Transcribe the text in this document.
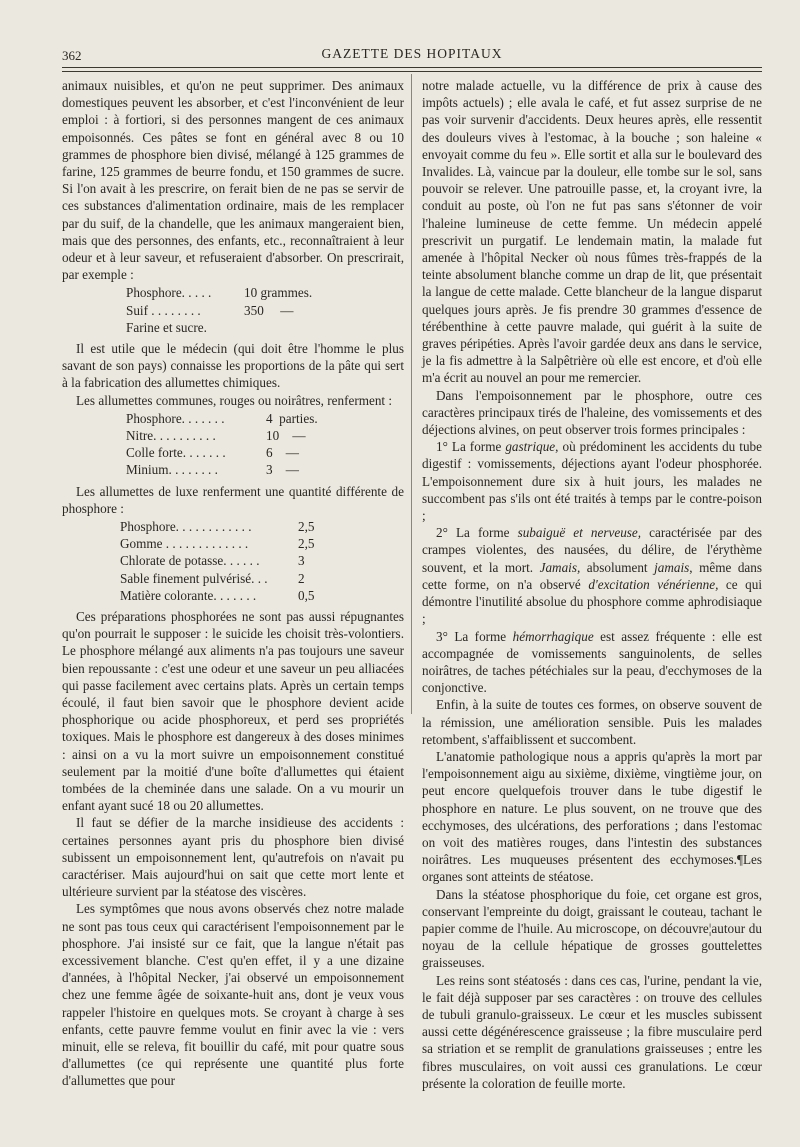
362	GAZETTE DES HOPITAUX

animaux nuisibles, et qu'on ne peut supprimer. Des animaux domestiques peuvent les absorber, et c'est l'inconvénient de leur emploi : à fortiori, si des personnes mangent de ces animaux empoisonnés. Ces pâtes se font en général avec 8 ou 10 grammes de phosphore bien divisé, mélangé à 125 grammes de farine, 125 grammes de beurre fondu, et 150 grammes de sucre. Si l'on avait à les prescrire, on ferait bien de ne pas se servir de ces substances d'alimentation ordinaire, mais de les remplacer par du suif, de la chandelle, que les animaux mangeraient bien, mais que des personnes, des enfants, etc., reconnaîtraient à leur odeur et à leur saveur, et refuseraient d'absorber. On prescrirait, par exemple :

Phosphore. . . . .	10 grammes.
Suif . . . . . . . .	350     —
Farine et sucre.

Il est utile que le médecin (qui doit être l'homme le plus savant de son pays) connaisse les proportions de la pâte qui sert à la fabrication des allumettes chimiques.

Les allumettes communes, rouges ou noirâtres, renferment :

Phosphore. . . . . . .	4  parties.
Nitre. . . . . . . . . .	10    —
Colle forte. . . . . . .	6    —
Minium. . . . . . . .	3    —

Les allumettes de luxe renferment une quantité différente de phosphore :

Phosphore. . . . . . . . . . . .	2,5
Gomme . . . . . . . . . . . . .	2,5
Chlorate de potasse. . . . . .	3
Sable finement pulvérisé. . .	2
Matière colorante. . . . . . .	0,5

Ces préparations phosphorées ne sont pas aussi répugnantes qu'on pourrait le supposer : le suicide les choisit très-volontiers. Le phosphore mélangé aux aliments n'a pas toujours une saveur bien repoussante : c'est une odeur et une saveur un peu alliacées qui passe facilement avec certains plats. Après un certain temps écoulé, il faut bien savoir que le phosphore devient acide phosphorique ou acide phosphoreux, et perd ses propriétés toxiques. Mais le phosphore est dangereux à des doses minimes : ainsi on a vu la mort suivre un empoisonnement constitué seulement par la moitié d'une boîte d'allumettes qui étaient tombées de la cheminée dans une salade. On a vu mourir un enfant ayant sucé 18 ou 20 allumettes.

Il faut se défier de la marche insidieuse des accidents : certaines personnes ayant pris du phosphore bien divisé subissent un empoisonnement lent, qu'autrefois on n'avait pu caractériser. Mais aujourd'hui on sait que cette mort lente et ultérieure survient par la stéatose des viscères.

Les symptômes que nous avons observés chez notre malade ne sont pas tous ceux qui caractérisent l'empoisonnement par le phosphore. J'ai insisté sur ce fait, que la langue n'était pas excessivement blanche. C'est qu'en effet, il y a une dizaine d'années, à l'hôpital Necker, j'ai observé un empoisonnement chez une femme âgée de soixante-huit ans, dont je veux vous rappeler l'histoire en quelques mots. Se croyant à charge à ses enfants, cette pauvre femme voulut en finir avec la vie : vers minuit, elle se releva, fit bouillir du café, mit pour quatre sous d'allumettes (ce qui représente une quantité plus forte d'allumettes que pour

notre malade actuelle, vu la différence de prix à cause des impôts actuels) ; elle avala le café, et fut assez surprise de ne pas voir survenir d'accidents. Deux heures après, elle ressentit des douleurs vives à l'estomac, à la bouche ; son haleine « envoyait comme du feu ». Elle sortit et alla sur le boulevard des Invalides. Là, vaincue par la douleur, elle tombe sur le sol, sans pouvoir se relever. Une patrouille passe, et, la croyant ivre, la conduit au poste, où l'on ne fut pas sans s'étonner de voir l'haleine lumineuse de cette femme. Un médecin appelé prescrivit un purgatif. Le lendemain matin, la malade fut amenée à l'hôpital Necker où nous fûmes très-frappés de la teinte absolument blanche comme un drap de lit, que présentait la langue de cette malade. Cette blancheur de la langue disparut quelques jours après. Je fis prendre 30 grammes d'essence de térébenthine à cette pauvre malade, qui guérit à la suite de graves péripéties. Après l'avoir gardée deux ans dans le service, je la fis admettre à la Salpêtrière où elle est encore, et d'où elle m'a écrit au nouvel an pour me remercier.

Dans l'empoisonnement par le phosphore, outre ces caractères principaux tirés de l'haleine, des vomissements et des déjections alvines, on peut observer trois formes principales :

1° La forme gastrique, où prédominent les accidents du tube digestif : vomissements, déjections ayant l'odeur phosphorée. L'empoisonnement dure six à huit jours, les malades ne succombent pas s'ils ont été traités à temps par le contre-poison ;

2° La forme subaiguë et nerveuse, caractérisée par des crampes violentes, des nausées, du délire, de l'érythème souvent, et la mort. Jamais, absolument jamais, même dans cette forme, on n'a observé d'excitation vénérienne, ce qui démontre l'inutilité absolue du phosphore comme aphrodisiaque ;

3° La forme hémorrhagique est assez fréquente : elle est accompagnée de vomissements sanguinolents, de selles noirâtres, de taches pétéchiales sur la peau, d'ecchymoses de la conjonctive.

Enfin, à la suite de toutes ces formes, on observe souvent de la rémission, une amélioration sensible. Puis les malades retombent, s'affaiblissent et succombent.

L'anatomie pathologique nous a appris qu'après la mort par l'empoisonnement aigu au sixième, dixième, vingtième jour, on peut encore quelquefois trouver dans le tube digestif le phosphore en nature. Le plus souvent, on ne trouve que des ecchymoses, des ulcérations, des perforations ; dans l'estomac on voit des matières rouges, dans l'intestin des substances noirâtres. Les muqueuses présentent des ecchymoses.¶Les organes sont atteints de stéatose.

Dans la stéatose phosphorique du foie, cet organe est gros, conservant l'empreinte du doigt, graissant le couteau, tachant le papier comme de l'huile. Au microscope, on découvre¦autour du noyau de la cellule hépatique de grosses gouttelettes graisseuses.

Les reins sont stéatosés : dans ces cas, l'urine, pendant la vie, le fait déjà supposer par ses caractères : on trouve des cellules de tubuli granulo-graisseux. Le cœur et les muscles subissent aussi cette dégénérescence graisseuse ; la fibre musculaire perd sa striation et se remplit de granulations graisseuses ; entre les fibres musculaires, on voit aussi ces granulations. Le cœur présente la coloration de feuille morte.
